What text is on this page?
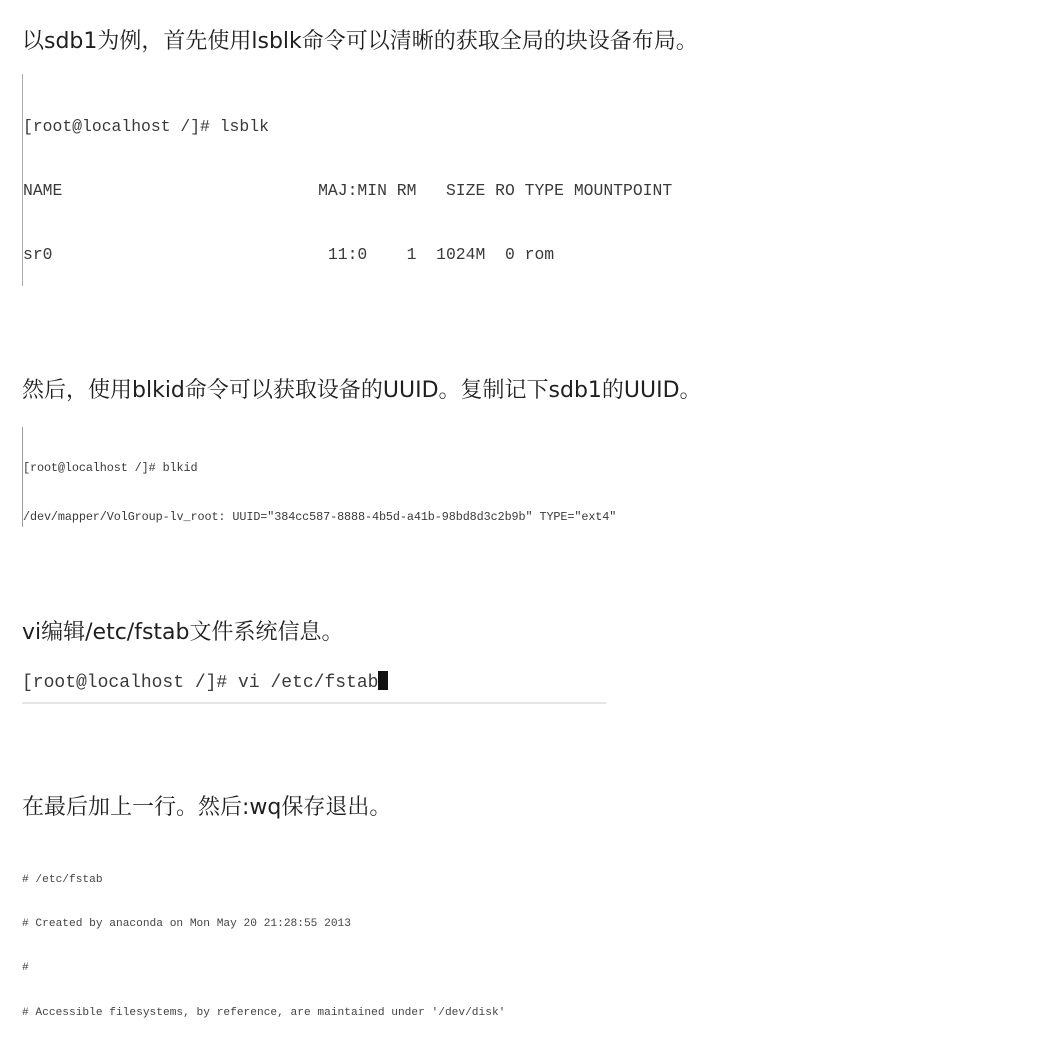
以sdb1为例，首先使用lsblk命令可以清晰的获取全局的块设备布局。

[root@localhost /]# lsblk

NAME                          MAJ:MIN RM   SIZE RO TYPE MOUNTPOINT

sr0                            11:0    1  1024M  0 rom

然后，使用blkid命令可以获取设备的UUID。复制记下sdb1的UUID。

[root@localhost /]# blkid

/dev/mapper/VolGroup-lv_root: UUID="384cc587-8888-4b5d-a41b-98bd8d3c2b9b" TYPE="ext4"

vi编辑/etc/fstab文件系统信息。
[root@localhost /]# vi /etc/fstab
在最后加上一行。然后:wq保存退出。

# /etc/fstab

# Created by anaconda on Mon May 20 21:28:55 2013

#

# Accessible filesystems, by reference, are maintained under '/dev/disk'
